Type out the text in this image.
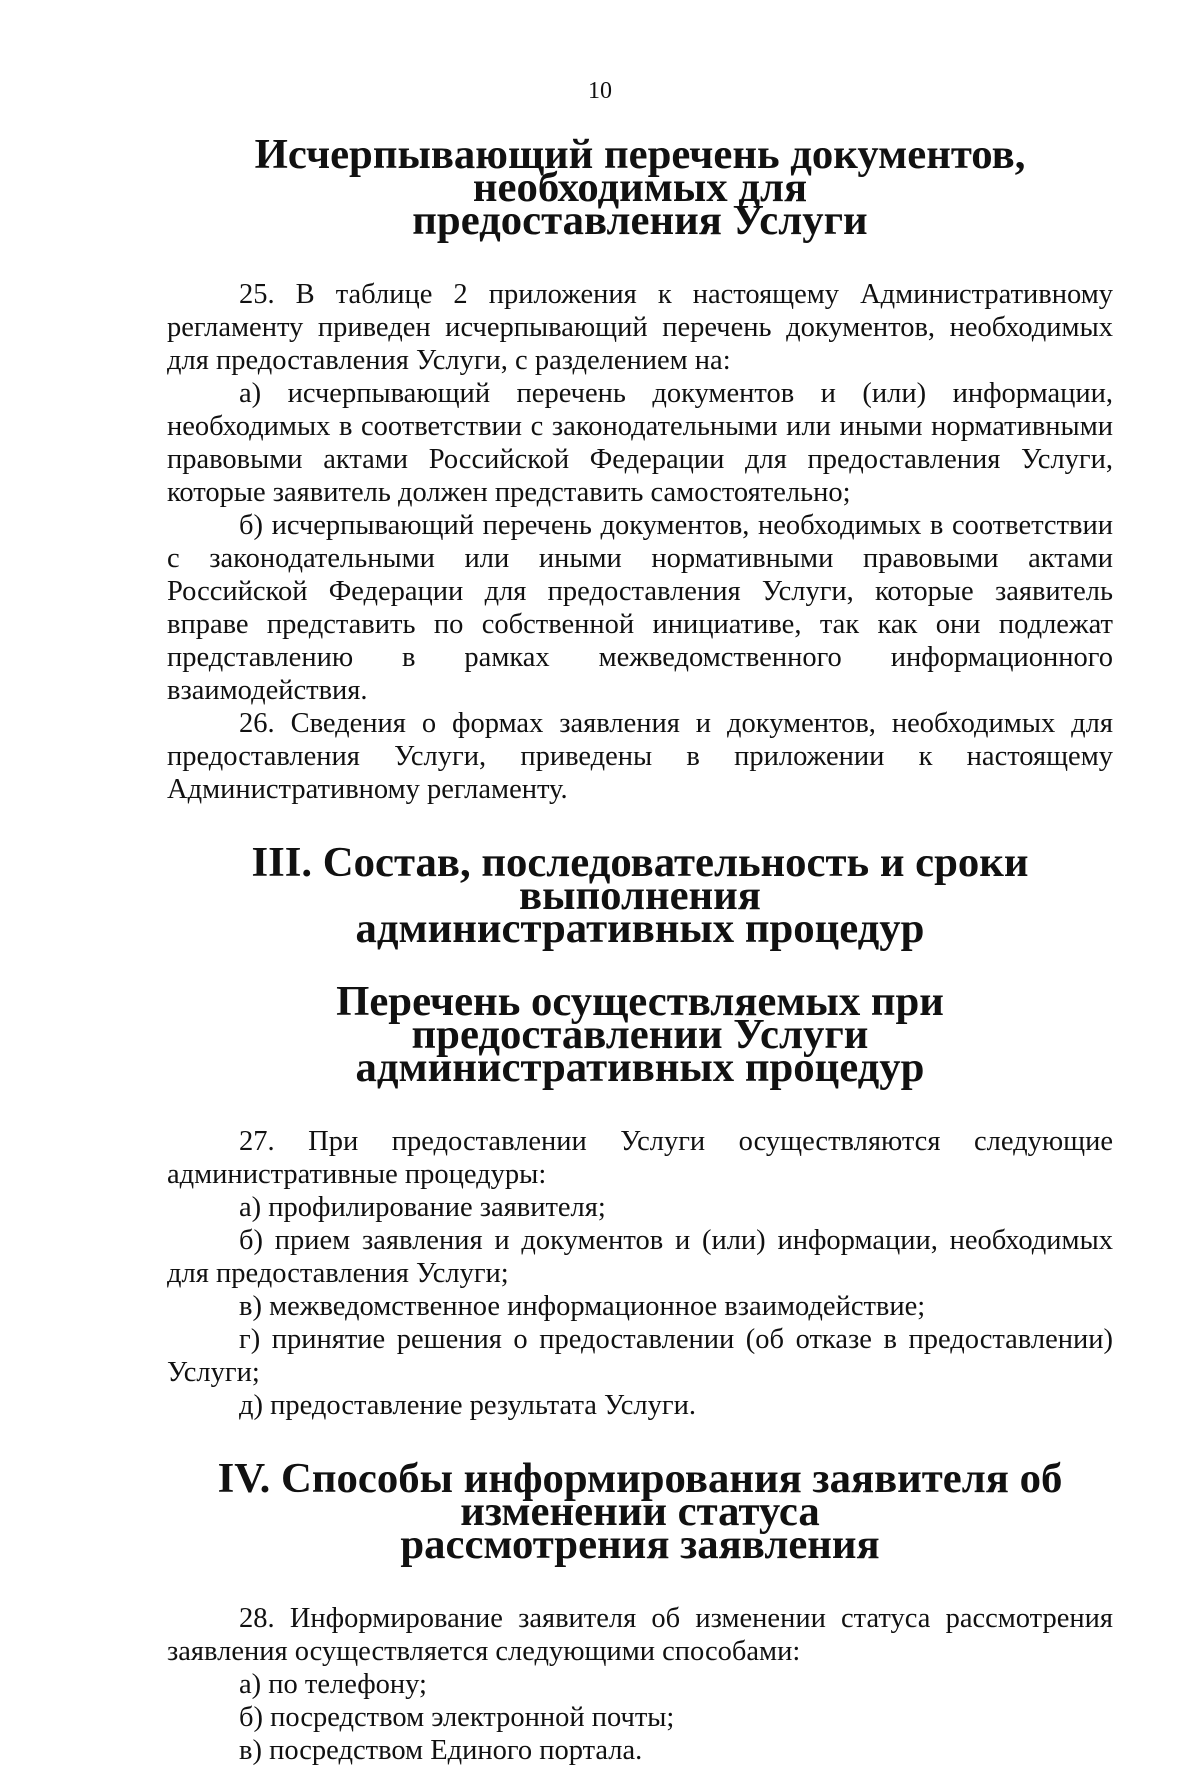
10
Исчерпывающий перечень документов, необходимых для
предоставления Услуги

25. В таблице 2 приложения к настоящему Административному регламенту приведен исчерпывающий перечень документов, необходимых для предоставления Услуги, с разделением на:

а) исчерпывающий перечень документов и (или) информации, необходимых в соответствии с законодательными или иными нормативными правовыми актами Российской Федерации для предоставления Услуги, которые заявитель должен представить самостоятельно;

б) исчерпывающий перечень документов, необходимых в соответствии с законодательными или иными нормативными правовыми актами Российской Федерации для предоставления Услуги, которые заявитель вправе представить по собственной инициативе, так как они подлежат представлению в рамках межведомственного информационного взаимодействия.

26. Сведения о формах заявления и документов, необходимых для предоставления Услуги, приведены в приложении к настоящему Административному регламенту.

III. Состав, последовательность и сроки выполнения
административных процедур
Перечень осуществляемых при предоставлении Услуги
административных процедур

27. При предоставлении Услуги осуществляются следующие административные процедуры:

а) профилирование заявителя;

б) прием заявления и документов и (или) информации, необходимых для предоставления Услуги;

в) межведомственное информационное взаимодействие;

г) принятие решения о предоставлении (об отказе в предоставлении) Услуги;

д) предоставление результата Услуги.

IV. Способы информирования заявителя об изменении статуса
рассмотрения заявления

28. Информирование заявителя об изменении статуса рассмотрения заявления осуществляется следующими способами:

а) по телефону;

б) посредством электронной почты;

в) посредством Единого портала.
